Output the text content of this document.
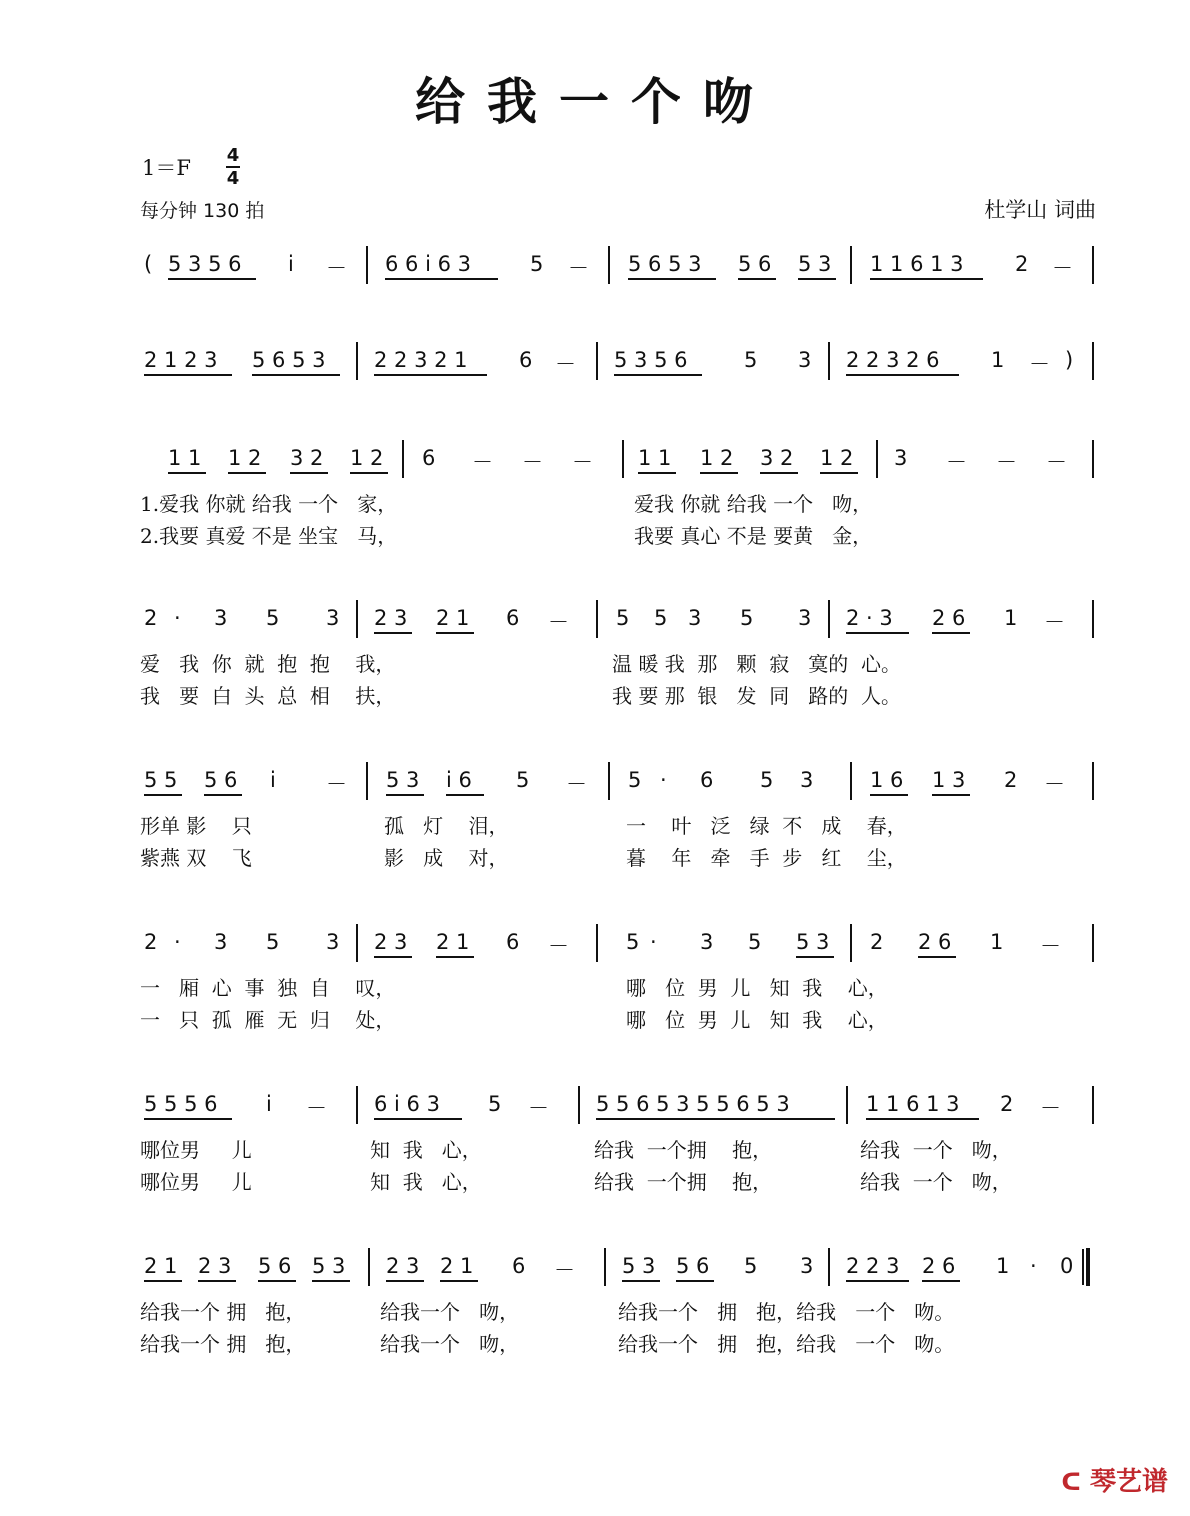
给我一个吻
1＝F
4
4
每分钟 130 拍	杜学山 词曲
( 5 3 5 6 i － 6 6 i 6 3	5 － 5 6 5 3 5 6 5 3 1 1 6 1 3 2 －
2 1 2 3 5 6 5 3 2 2 3 2 1 6 － 5 3 5 6	5 3 2 2 3 2 6 1 － )
1 1 1 2 3 2 1 2 6 － － － 1 1 1 2 3 2 1 2 3 － － －
1.爱我 你就 给我 一个   家，	爱我 你就 给我 一个   吻，
2.我要 真爱 不是 坐宝   马，	我要 真心 不是 要黄   金，
2 · 3 5 3 2 3 2 1 6 － 5 5 3 5 3 2 · 3 2 6 1 －
爱   我  你  就  抱  抱    我，	温 暖 我  那   颗  寂   寞的  心。
我   要  白  头  总  相    扶，	我 要 那  银   发  同   路的  人。
5 5 5 6 i － 5 3 i 6 5 － 5 · 6 5 3	1 6 1 3 2 －
形单 影    只	孤   灯    泪，	一    叶   泛   绿  不   成    春，
紫燕 双    飞	影   成    对，	暮    年   牵   手  步   红    尘，
2 · 3 5 3 2 3 2 1 6 －	5 · 3 5 5 3 2 2 6 1 －
一   厢  心  事  独  自    叹，	哪   位  男  儿   知  我    心，
一   只  孤  雁  无  归    处，	哪   位  男  儿   知  我    心，
5 5 5 6 i － 6 i 6 3 5 － 5 5 6 5 3 5 5 6 5 3	1 1 6 1 3 2 －
哪位男     儿	知  我   心，	给我  一个拥    抱，	给我  一个   吻，
哪位男     儿	知  我   心，	给我  一个拥    抱，	给我  一个   吻，
2 1 2 3 5 6 5 3 2 3 2 1 6 － 5 3 5 6 5 3 2 2 3 2 6 1 · 0
给我一个 拥   抱，	给我一个   吻，	给我一个   拥   抱，给我   一个   吻。
给我一个 拥   抱，	给我一个   吻，	给我一个   拥   抱，给我   一个   吻。
ᑕ 琴艺谱
